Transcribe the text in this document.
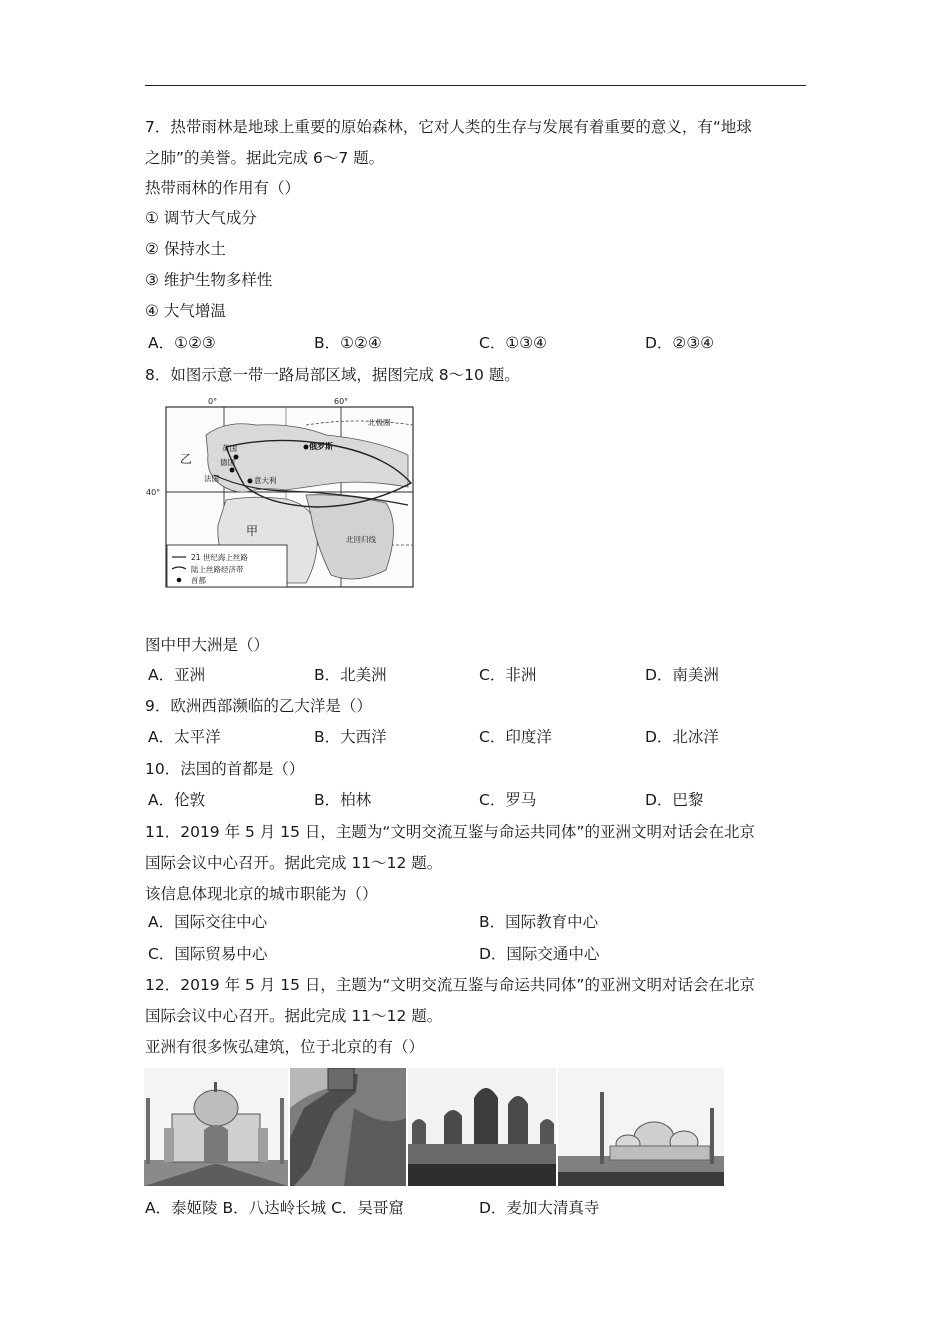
7．热带雨林是地球上重要的原始森林，它对人类的生存与发展有着重要的意义，有“地球
之肺”的美誉。据此完成 6～7 题。
热带雨林的作用有（）
① 调节大气成分
② 保持水土
③ 维护生物多样性
④ 大气增温
A．①②③	B．①②④	C．①③④	D．②③④
8．如图示意一带一路局部区域，据图完成 8～10 题。
0°	60°
40°
北极圈
俄罗斯
英国
德国
法国	意大利
乙
甲
北回归线
21 世纪海上丝路
陆上丝路经济带
首都
图中甲大洲是（）
A．亚洲	B．北美洲	C．非洲	D．南美洲
9．欧洲西部濒临的乙大洋是（）
A．太平洋	B．大西洋	C．印度洋	D．北冰洋
10．法国的首都是（）
A．伦敦	B．柏林	C．罗马	D．巴黎
11．2019 年 5 月 15 日，主题为“文明交流互鉴与命运共同体”的亚洲文明对话会在北京
国际会议中心召开。据此完成 11～12 题。
该信息体现北京的城市职能为（）
A．国际交往中心	B．国际教育中心
C．国际贸易中心	D．国际交通中心
12．2019 年 5 月 15 日，主题为“文明交流互鉴与命运共同体”的亚洲文明对话会在北京
国际会议中心召开。据此完成 11～12 题。
亚洲有很多恢弘建筑，位于北京的有（）
A．泰姬陵 B．八达岭长城 C．吴哥窟	D．麦加大清真寺
